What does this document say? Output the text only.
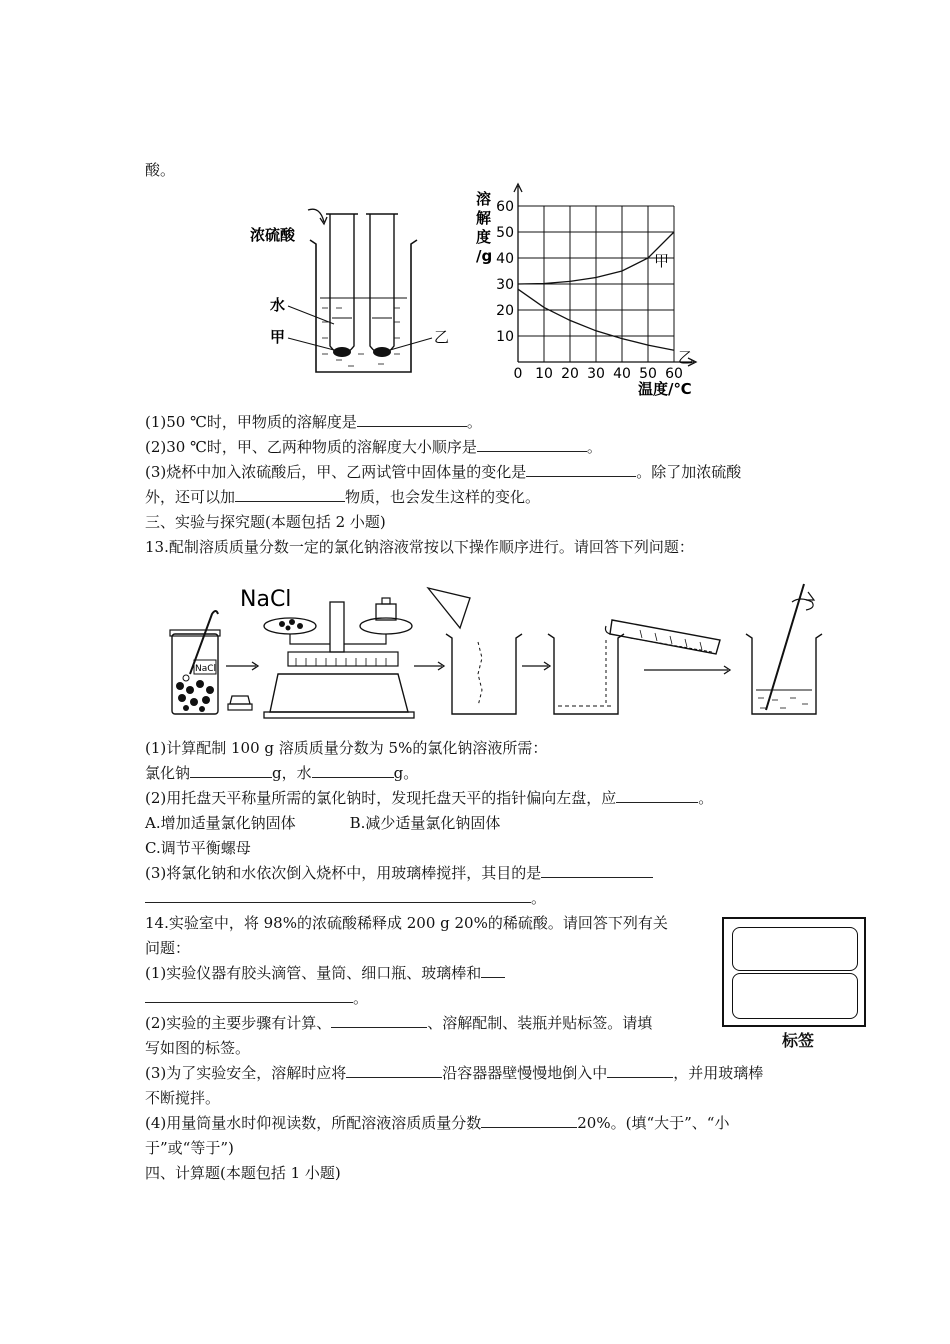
酸。
浓硫酸
水
甲	乙
溶
解
度
/g	甲
乙
0 10 20 30 40 50 60
10
20
30
40
50
60
温度/℃
(1)50 ℃时，甲物质的溶解度是	。
(2)30 ℃时，甲、乙两种物质的溶解度大小顺序是	。
(3)烧杯中加入浓硫酸后，甲、乙两试管中固体量的变化是	。除了加浓硫酸
外，还可以加	物质，也会发生这样的变化。
三、实验与探究题(本题包括 2 小题)
13.配制溶质质量分数一定的氯化钠溶液常按以下操作顺序进行。请回答下列问题：
NaCl
NaCl
(1)计算配制 100 g 溶质质量分数为 5%的氯化钠溶液所需：
氯化钠	g，水	g。
(2)用托盘天平称量所需的氯化钠时，发现托盘天平的指针偏向左盘，应	。
A.增加适量氯化钠固体	B.减少适量氯化钠固体
C.调节平衡螺母
(3)将氯化钠和水依次倒入烧杯中，用玻璃棒搅拌，其目的是
。
14.实验室中，将 98%的浓硫酸稀释成 200 g 20%的稀硫酸。请回答下列有关
问题：
(1)实验仪器有胶头滴管、量筒、细口瓶、玻璃棒和
。
(2)实验的主要步骤有计算、	、溶解配制、装瓶并贴标签。请填
写如图的标签。
(3)为了实验安全，溶解时应将	沿容器器壁慢慢地倒入中	，并用玻璃棒
不断搅拌。
(4)用量筒量水时仰视读数，所配溶液溶质质量分数	20%。(填“大于”、“小
于”或“等于”)
四、计算题(本题包括 1 小题)
标签
